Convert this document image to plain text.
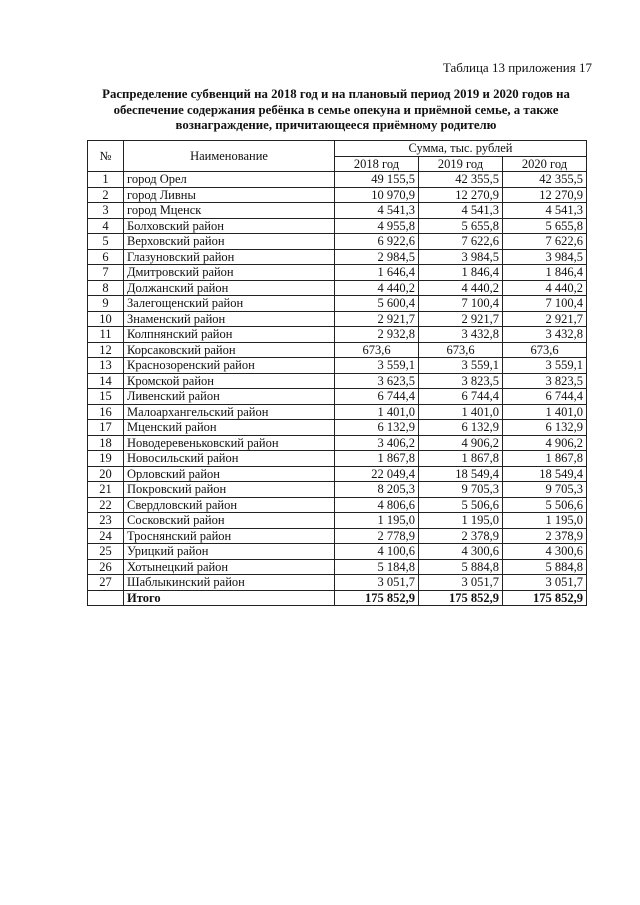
Таблица 13 приложения 17
Распределение субвенций на 2018 год и на плановый период 2019 и 2020 годов на
обеспечение содержания ребёнка в семье опекуна и приёмной семье, а также
вознаграждение, причитающееся приёмному родителю
№	Наименование	Сумма, тыс. рублей		
		2018 год	2019 год	2020 год
1	город Орел	49 155,5	42 355,5	42 355,5
2	город Ливны	10 970,9	12 270,9	12 270,9
3	город Мценск	4 541,3	4 541,3	4 541,3
4	Болховский район	4 955,8	5 655,8	5 655,8
5	Верховский район	6 922,6	7 622,6	7 622,6
6	Глазуновский район	2 984,5	3 984,5	3 984,5
7	Дмитровский район	1 646,4	1 846,4	1 846,4
8	Должанский район	4 440,2	4 440,2	4 440,2
9	Залегощенский район	5 600,4	7 100,4	7 100,4
10	Знаменский район	2 921,7	2 921,7	2 921,7
11	Колпнянский район	2 932,8	3 432,8	3 432,8
12	Корсаковский район	673,6	673,6	673,6
13	Краснозоренский район	3 559,1	3 559,1	3 559,1
14	Кромской район	3 623,5	3 823,5	3 823,5
15	Ливенский район	6 744,4	6 744,4	6 744,4
16	Малоархангельский район	1 401,0	1 401,0	1 401,0
17	Мценский район	6 132,9	6 132,9	6 132,9
18	Новодеревеньковский район	3 406,2	4 906,2	4 906,2
19	Новосильский район	1 867,8	1 867,8	1 867,8
20	Орловский район	22 049,4	18 549,4	18 549,4
21	Покровский район	8 205,3	9 705,3	9 705,3
22	Свердловский район	4 806,6	5 506,6	5 506,6
23	Сосковский район	1 195,0	1 195,0	1 195,0
24	Троснянский район	2 778,9	2 378,9	2 378,9
25	Урицкий район	4 100,6	4 300,6	4 300,6
26	Хотынецкий район	5 184,8	5 884,8	5 884,8
27	Шаблыкинский район	3 051,7	3 051,7	3 051,7
	Итого	175 852,9	175 852,9	175 852,9
